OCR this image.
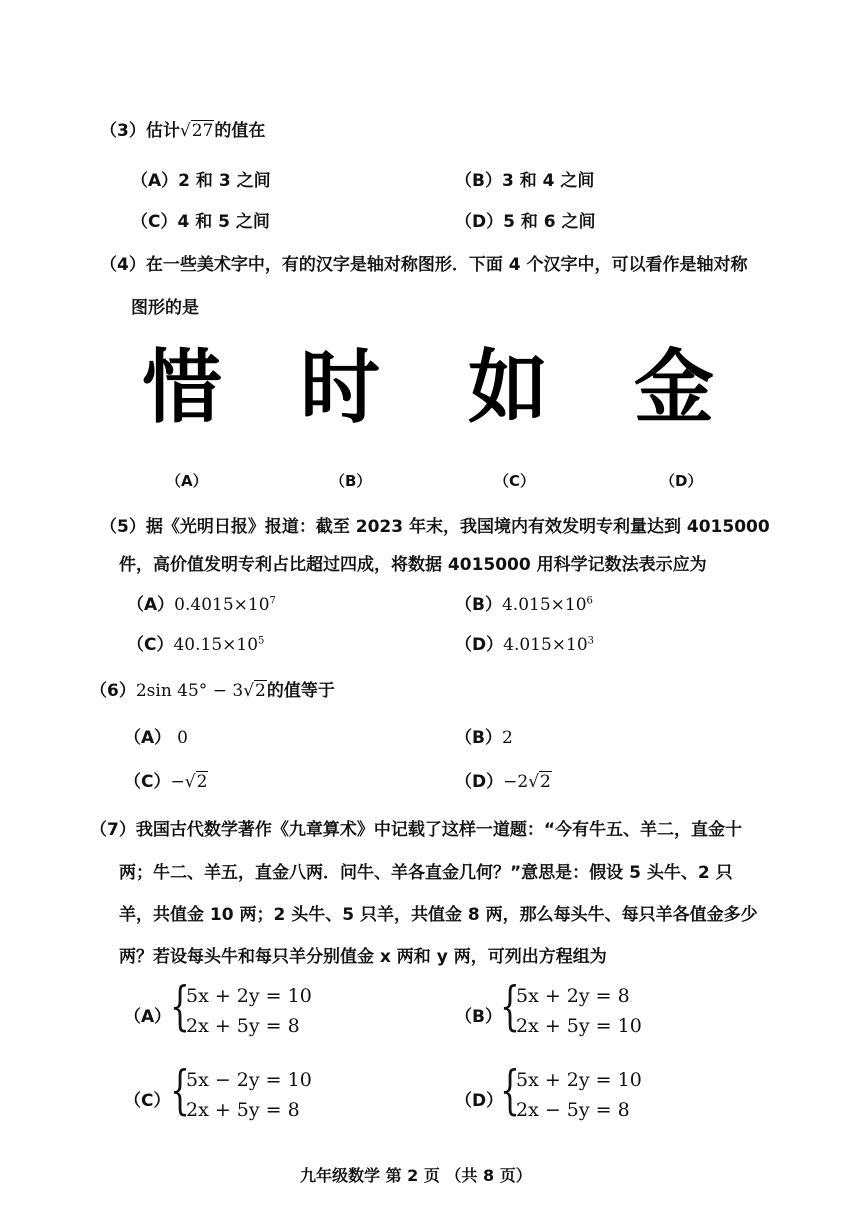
（3）估计√27的值在
（A）2 和 3 之间	（B）3 和 4 之间
（C）4 和 5 之间	（D）5 和 6 之间
（4）在一些美术字中，有的汉字是轴对称图形．下面 4 个汉字中，可以看作是轴对称
图形的是
惜 时 如 金
（A）	（B）	（C）	（D）
（5）据《光明日报》报道：截至 2023 年末，我国境内有效发明专利量达到 4015000
件，高价值发明专利占比超过四成，将数据 4015000 用科学记数法表示应为
$(A)0.4015\times 10^7$	$(B)4.015\times 10^6$
$(C)40.15\times 10^5$	$(D)4.015\times 10^3$
（6）2sin 45° − 3√2的值等于
（A） 0	（B）2
（C）−√2	（D）−2√2
（7）我国古代数学著作《九章算术》中记载了这样一道题：“今有牛五、羊二，直金十
两；牛二、羊五，直金八两．问牛、羊各直金几何？”意思是：假设 5 头牛、2 只
羊，共值金 10 两；2 头牛、5 只羊，共值金 8 两，那么每头牛、每只羊各值金多少
两？若设每头牛和每只羊分别值金 x 两和 y 两，可列出方程组为
（A）
{
5x + 2y = 10
2x + 5y = 8	（B）
{
5x + 2y = 8
2x + 5y = 10
（C） {
5x − 2y = 10
2x + 5y = 8	（D）
{
5x + 2y = 10
2x − 5y = 8
九年级数学 第 2 页 （共 8 页）
